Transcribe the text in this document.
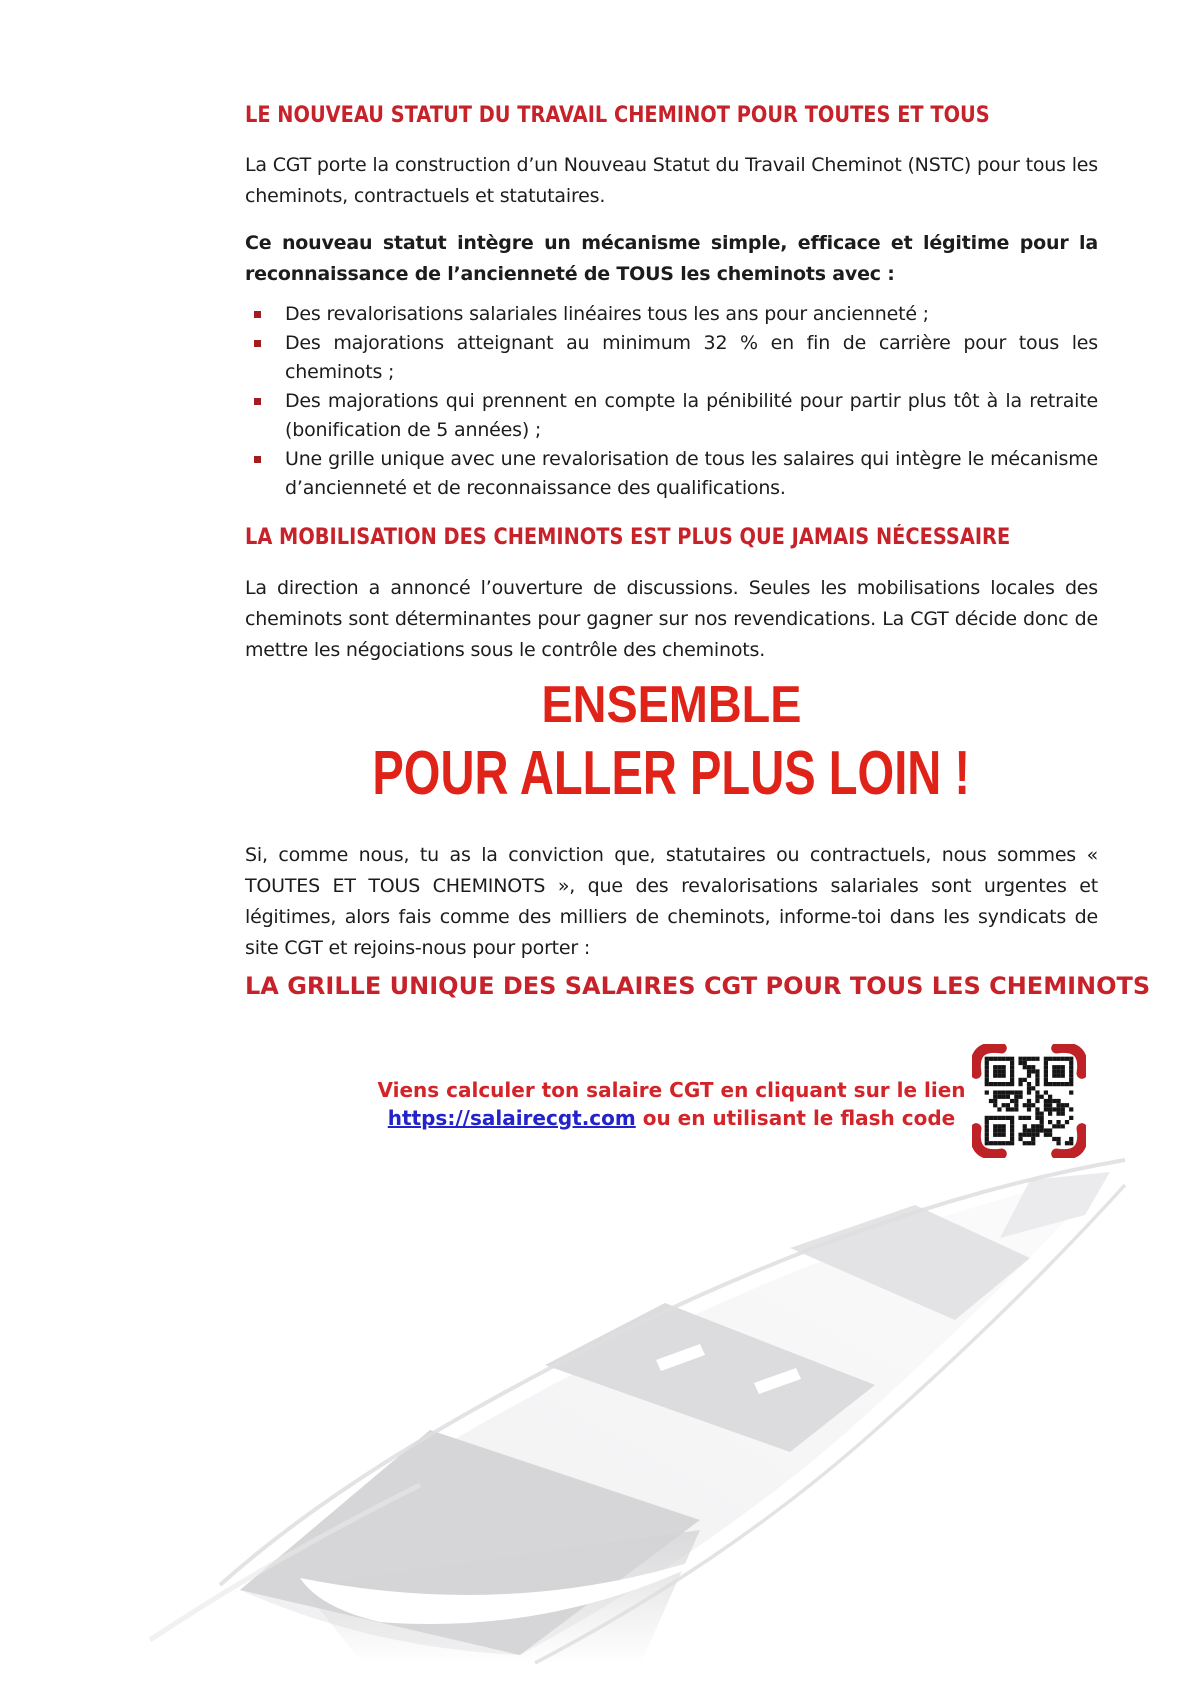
LE NOUVEAU STATUT DU TRAVAIL CHEMINOT POUR TOUTES ET TOUS

La CGT porte la construction d’un Nouveau Statut du Travail Cheminot (NSTC) pour tous les cheminots, contractuels et statutaires.

Ce nouveau statut intègre un mécanisme simple, efficace et légitime pour la reconnaissance de l’ancienneté de TOUS les cheminots avec :

Des revalorisations salariales linéaires tous les ans pour ancienneté ;
Des majorations atteignant au minimum 32 % en fin de carrière pour tous les cheminots ;
Des majorations qui prennent en compte la pénibilité pour partir plus tôt à la retraite (bonification de 5 années) ;
Une grille unique avec une revalorisation de tous les salaires qui intègre le mécanisme d’ancienneté et de reconnaissance des qualifications.
LA MOBILISATION DES CHEMINOTS EST PLUS QUE JAMAIS NÉCESSAIRE

La direction a annoncé l’ouverture de discussions. Seules les mobilisations locales des cheminots sont déterminantes pour gagner sur nos revendications. La CGT décide donc de mettre les négociations sous le contrôle des cheminots.

ENSEMBLE
POUR ALLER PLUS LOIN !

Si, comme nous, tu as la conviction que, statutaires ou contractuels, nous sommes « TOUTES ET TOUS CHEMINOTS », que des revalorisations salariales sont urgentes et légitimes, alors fais comme des milliers de cheminots, informe-toi dans les syndicats de site CGT et rejoins-nous pour porter :

LA GRILLE UNIQUE DES SALAIRES CGT POUR TOUS LES CHEMINOTS
Viens calculer ton salaire CGT en cliquant sur le lien
https://salairecgt.com ou en utilisant le flash code
